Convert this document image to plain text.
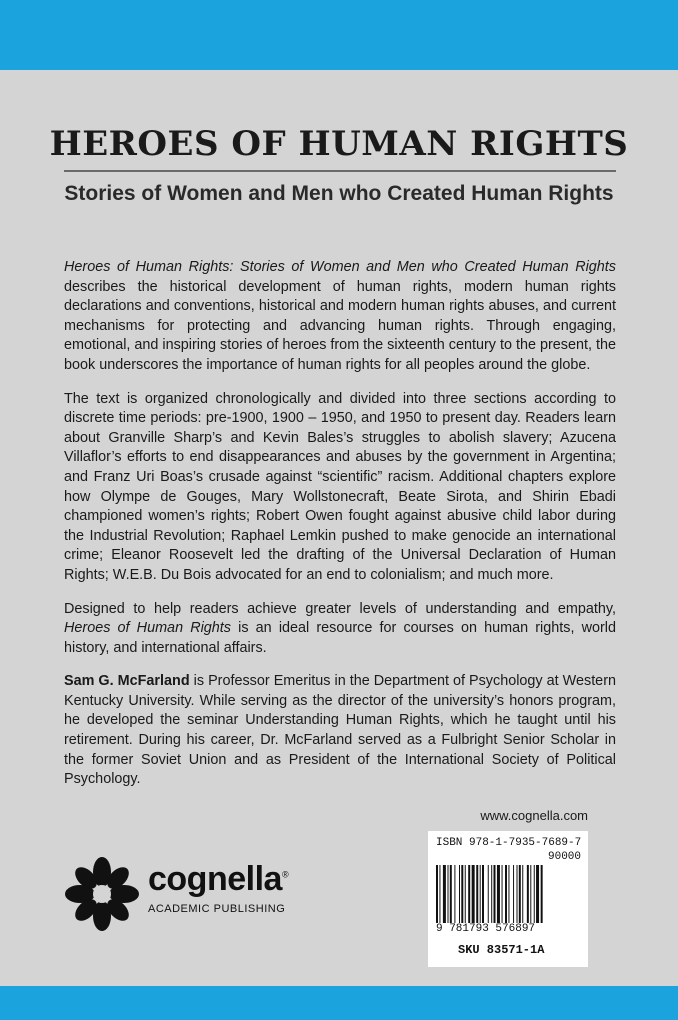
HEROES OF HUMAN RIGHTS
Stories of Women and Men who Created Human Rights

Heroes of Human Rights: Stories of Women and Men who Created Human Rights describes the historical development of human rights, modern human rights declarations and conventions, historical and modern human rights abuses, and current mechanisms for protecting and advancing human rights. Through engaging, emotional, and inspiring stories of heroes from the sixteenth century to the present, the book underscores the importance of human rights for all peoples around the globe.

The text is organized chronologically and divided into three sections according to discrete time periods: pre-1900, 1900 – 1950, and 1950 to present day. Readers learn about Granville Sharp’s and Kevin Bales’s struggles to abolish slavery; Azucena Villaflor’s efforts to end disappearances and abuses by the government in Argentina; and Franz Uri Boas’s crusade against “scientific” racism. Additional chapters explore how Olympe de Gouges, Mary Wollstonecraft, Beate Sirota, and Shirin Ebadi championed women’s rights; Robert Owen fought against abusive child labor during the Industrial Revolution; Raphael Lemkin pushed to make genocide an international crime; Eleanor Roosevelt led the drafting of the Universal Declaration of Human Rights; W.E.B. Du Bois advocated for an end to colonialism; and much more.

Designed to help readers achieve greater levels of understanding and empathy, Heroes of Human Rights is an ideal resource for courses on human rights, world history, and international affairs.

Sam G. McFarland is Professor Emeritus in the Department of Psychology at Western Kentucky University. While serving as the director of the university’s honors program, he developed the seminar Understanding Human Rights, which he taught until his retirement. During his career, Dr. McFarland served as a Fulbright Senior Scholar in the former Soviet Union and as President of the International Society of Political Psychology.

www.cognella.com
cognella®
ACADEMIC PUBLISHING
ISBN 978-1-7935-7689-7
90000
9 781793 576897
SKU 83571-1A
